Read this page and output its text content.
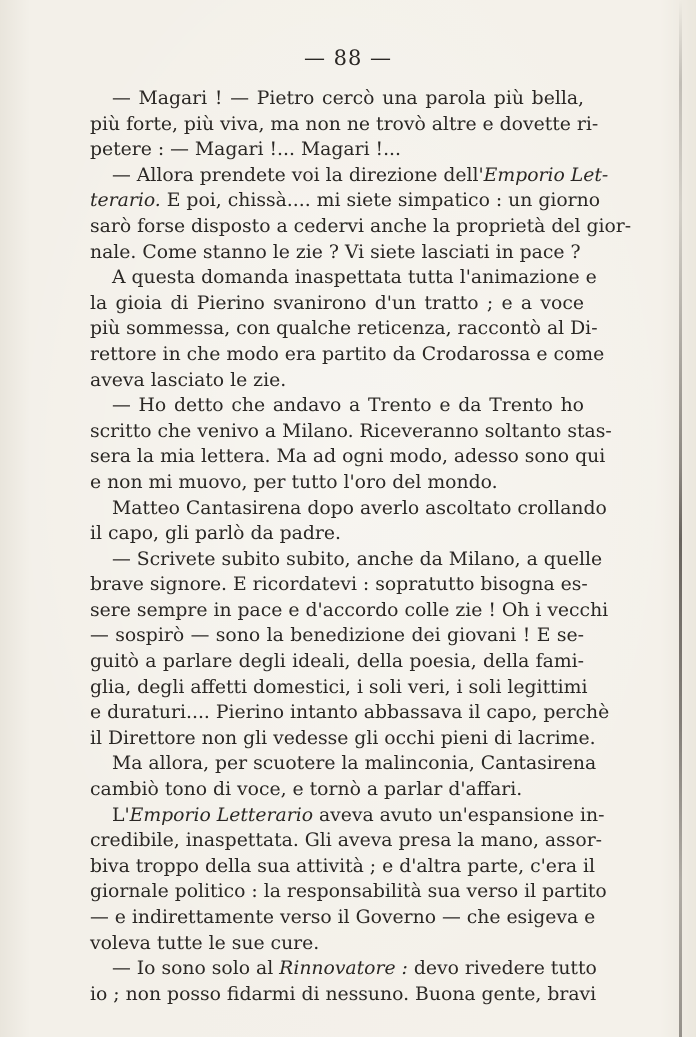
— 88 —
— Magari ! — Pietro cercò una parola più bella,
più forte, più viva, ma non ne trovò altre e dovette ri-
petere : — Magari !... Magari !...
— Allora prendete voi la direzione dell'Emporio Let-
terario. E poi, chissà.... mi siete simpatico : un giorno
sarò forse disposto a cedervi anche la proprietà del gior-
nale. Come stanno le zie ? Vi siete lasciati in pace ?
A questa domanda inaspettata tutta l'animazione e
la gioia di Pierino svanirono d'un tratto ; e a voce
più sommessa, con qualche reticenza, raccontò al Di-
rettore in che modo era partito da Crodarossa e come
aveva lasciato le zie.
— Ho detto che andavo a Trento e da Trento ho
scritto che venivo a Milano. Riceveranno soltanto stas-
sera la mia lettera. Ma ad ogni modo, adesso sono qui
e non mi muovo, per tutto l'oro del mondo.
Matteo Cantasirena dopo averlo ascoltato crollando
il capo, gli parlò da padre.
— Scrivete subito subito, anche da Milano, a quelle
brave signore. E ricordatevi : sopratutto bisogna es-
sere sempre in pace e d'accordo colle zie ! Oh i vecchi
— sospirò — sono la benedizione dei giovani ! E se-
guitò a parlare degli ideali, della poesia, della fami-
glia, degli affetti domestici, i soli veri, i soli legittimi
e duraturi.... Pierino intanto abbassava il capo, perchè
il Direttore non gli vedesse gli occhi pieni di lacrime.
Ma allora, per scuotere la malinconia, Cantasirena
cambiò tono di voce, e tornò a parlar d'affari.
L'Emporio Letterario aveva avuto un'espansione in-
credibile, inaspettata. Gli aveva presa la mano, assor-
biva troppo della sua attività ; e d'altra parte, c'era il
giornale politico : la responsabilità sua verso il partito
— e indirettamente verso il Governo — che esigeva e
voleva tutte le sue cure.
— Io sono solo al Rinnovatore : devo rivedere tutto
io ; non posso fidarmi di nessuno. Buona gente, bravi
